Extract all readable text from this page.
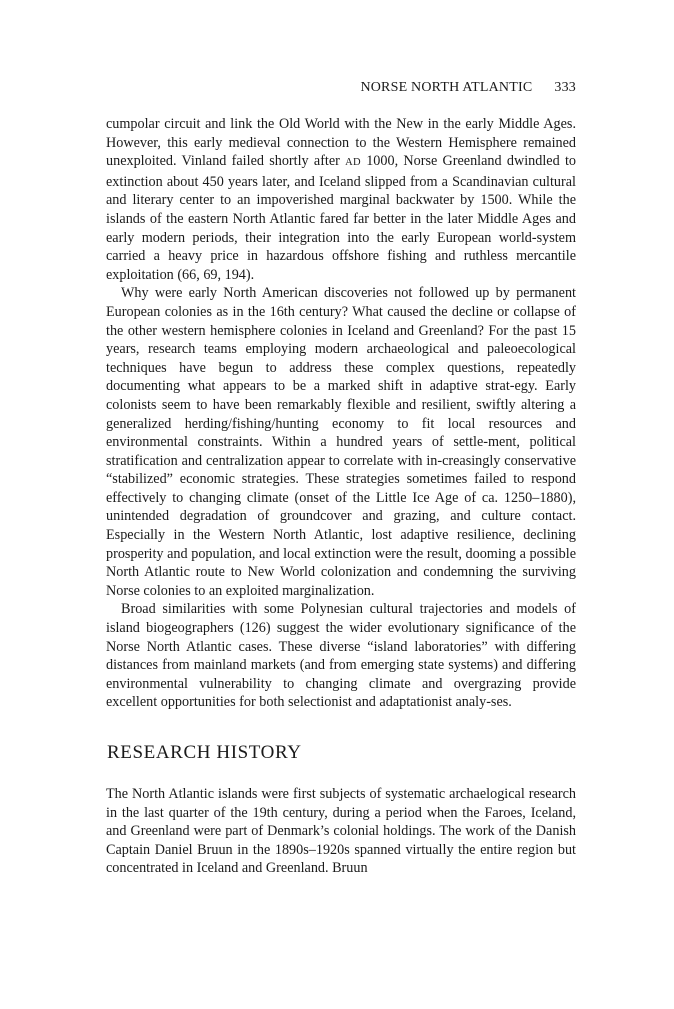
NORSE NORTH ATLANTIC 333

cumpolar circuit and link the Old World with the New in the early Middle Ages. However, this early medieval connection to the Western Hemisphere remained unexploited. Vinland failed shortly after AD 1000, Norse Greenland dwindled to extinction about 450 years later, and Iceland slipped from a Scandinavian cultural and literary center to an impoverished marginal backwater by 1500. While the islands of the eastern North Atlantic fared far better in the later Middle Ages and early modern periods, their integration into the early European world-system carried a heavy price in hazardous offshore fishing and ruthless mercantile exploitation (66, 69, 194).

Why were early North American discoveries not followed up by permanent European colonies as in the 16th century? What caused the decline or collapse of the other western hemisphere colonies in Iceland and Greenland? For the past 15 years, research teams employing modern archaeological and paleoecological techniques have begun to address these complex questions, repeatedly documenting what appears to be a marked shift in adaptive strat-egy. Early colonists seem to have been remarkably flexible and resilient, swiftly altering a generalized herding/fishing/hunting economy to fit local resources and environmental constraints. Within a hundred years of settle-ment, political stratification and centralization appear to correlate with in-creasingly conservative “stabilized” economic strategies. These strategies sometimes failed to respond effectively to changing climate (onset of the Little Ice Age of ca. 1250–1880), unintended degradation of groundcover and grazing, and culture contact. Especially in the Western North Atlantic, lost adaptive resilience, declining prosperity and population, and local extinction were the result, dooming a possible North Atlantic route to New World colonization and condemning the surviving Norse colonies to an exploited marginalization.

Broad similarities with some Polynesian cultural trajectories and models of island biogeographers (126) suggest the wider evolutionary significance of the Norse North Atlantic cases. These diverse “island laboratories” with differing distances from mainland markets (and from emerging state systems) and differing environmental vulnerability to changing climate and overgrazing provide excellent opportunities for both selectionist and adaptationist analy-ses.

RESEARCH HISTORY

The North Atlantic islands were first subjects of systematic archaelogical research in the last quarter of the 19th century, during a period when the Faroes, Iceland, and Greenland were part of Denmark’s colonial holdings. The work of the Danish Captain Daniel Bruun in the 1890s–1920s spanned virtually the entire region but concentrated in Iceland and Greenland. Bruun
